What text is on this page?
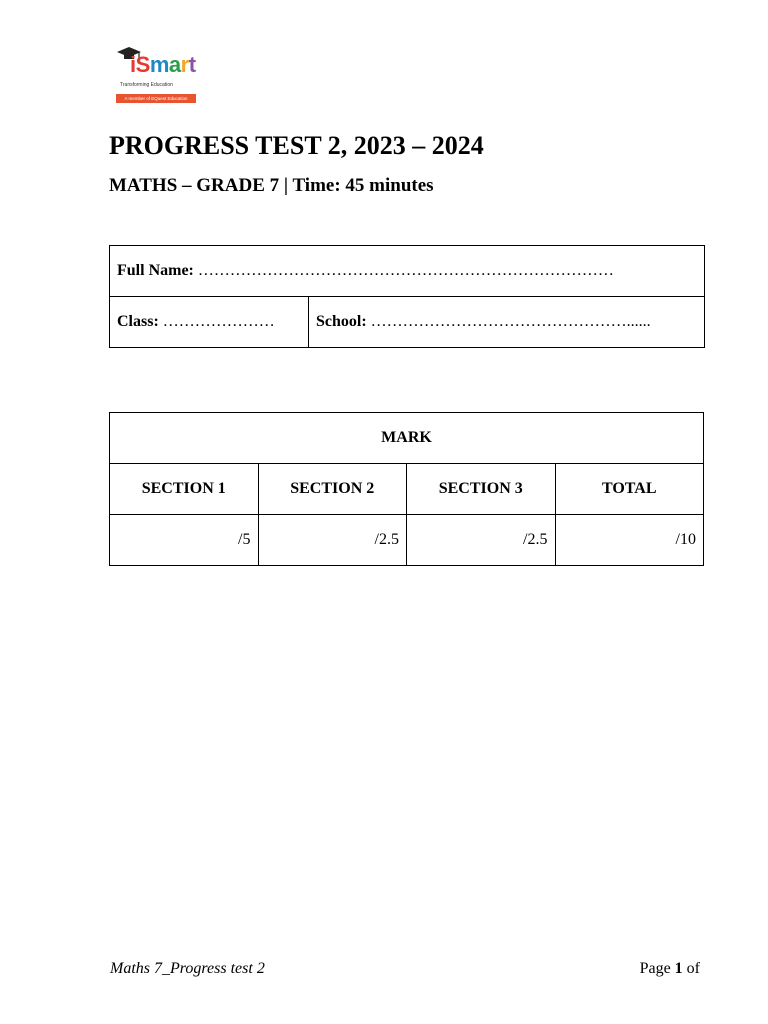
iSmart
Transforming Education
A member of EQuest Education
PROGRESS TEST 2, 2023 – 2024
MATHS – GRADE 7 | Time: 45 minutes
Full Name: ……………………………………………………………………
Class: …………………	School: …………………………………………......
MARK			
SECTION 1	SECTION 2	SECTION 3	TOTAL
/5	/2.5	/2.5	/10
Maths 7_Progress test 2	Page 1 of
